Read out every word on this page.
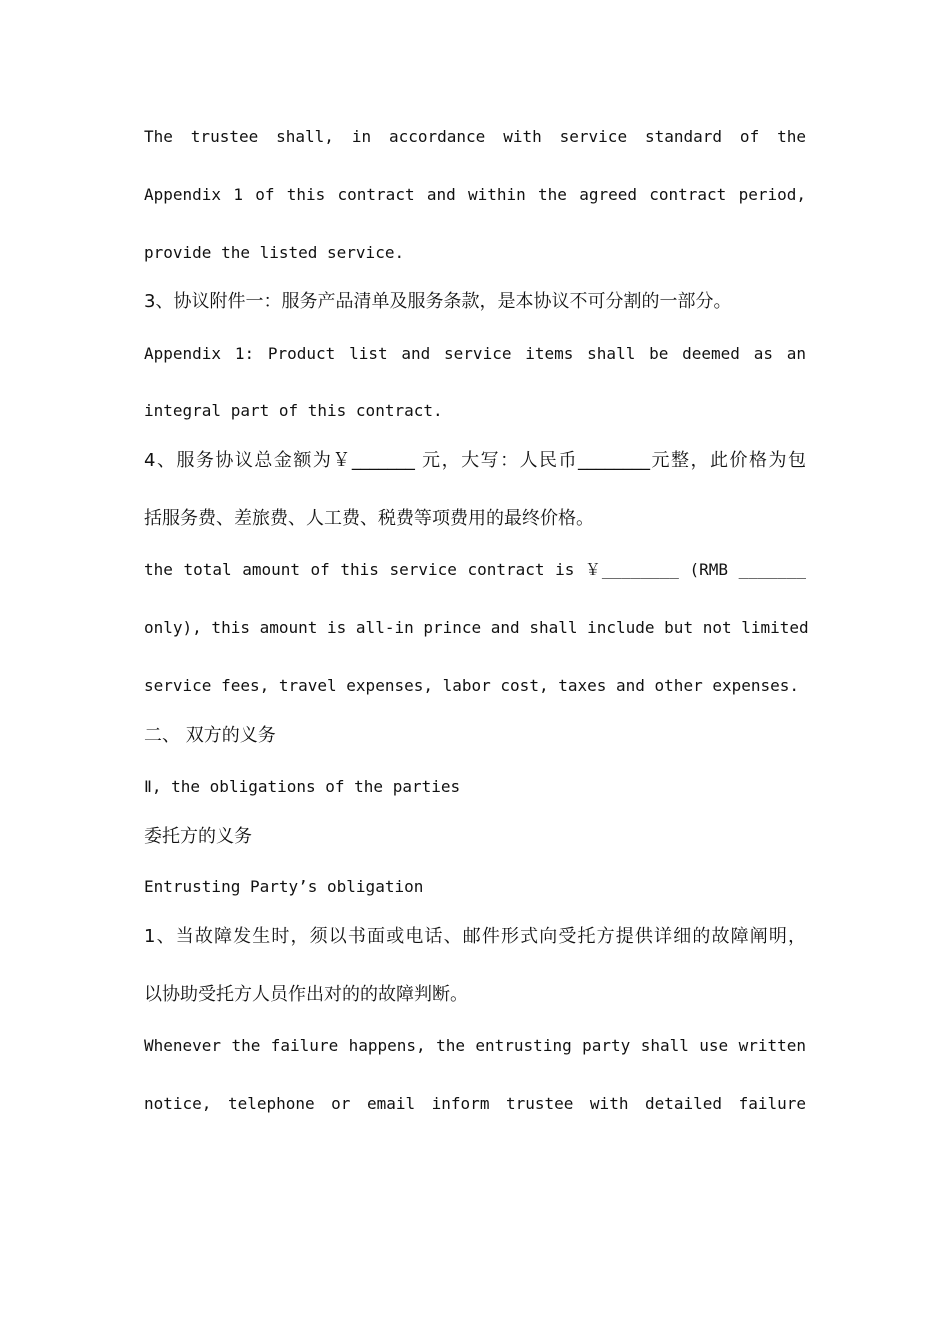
The trustee shall, in accordance with service standard of the
Appendix 1 of this contract and within the agreed contract period,
provide the listed service.
3、协议附件一：服务产品清单及服务条款，是本协议不可分割的一部分。
Appendix 1: Product list and service items shall be deemed as an
integral part of this contract.
4、服务协议总金额为￥_______ 元，大写：人民币________元整，此价格为包
括服务费、差旅费、人工费、税费等项费用的最终价格。
the total amount of this service contract is ￥________ (RMB _______
only), this amount is all-in prince and shall include but not limited
service fees, travel expenses, labor cost, taxes and other expenses.
二、 双方的义务
Ⅱ, the obligations of the parties
委托方的义务
Entrusting Party’s obligation
1、当故障发生时，须以书面或电话、邮件形式向受托方提供详细的故障阐明，
以协助受托方人员作出对的的故障判断。
Whenever the failure happens, the entrusting party shall use written
notice, telephone or email inform trustee with detailed failure
